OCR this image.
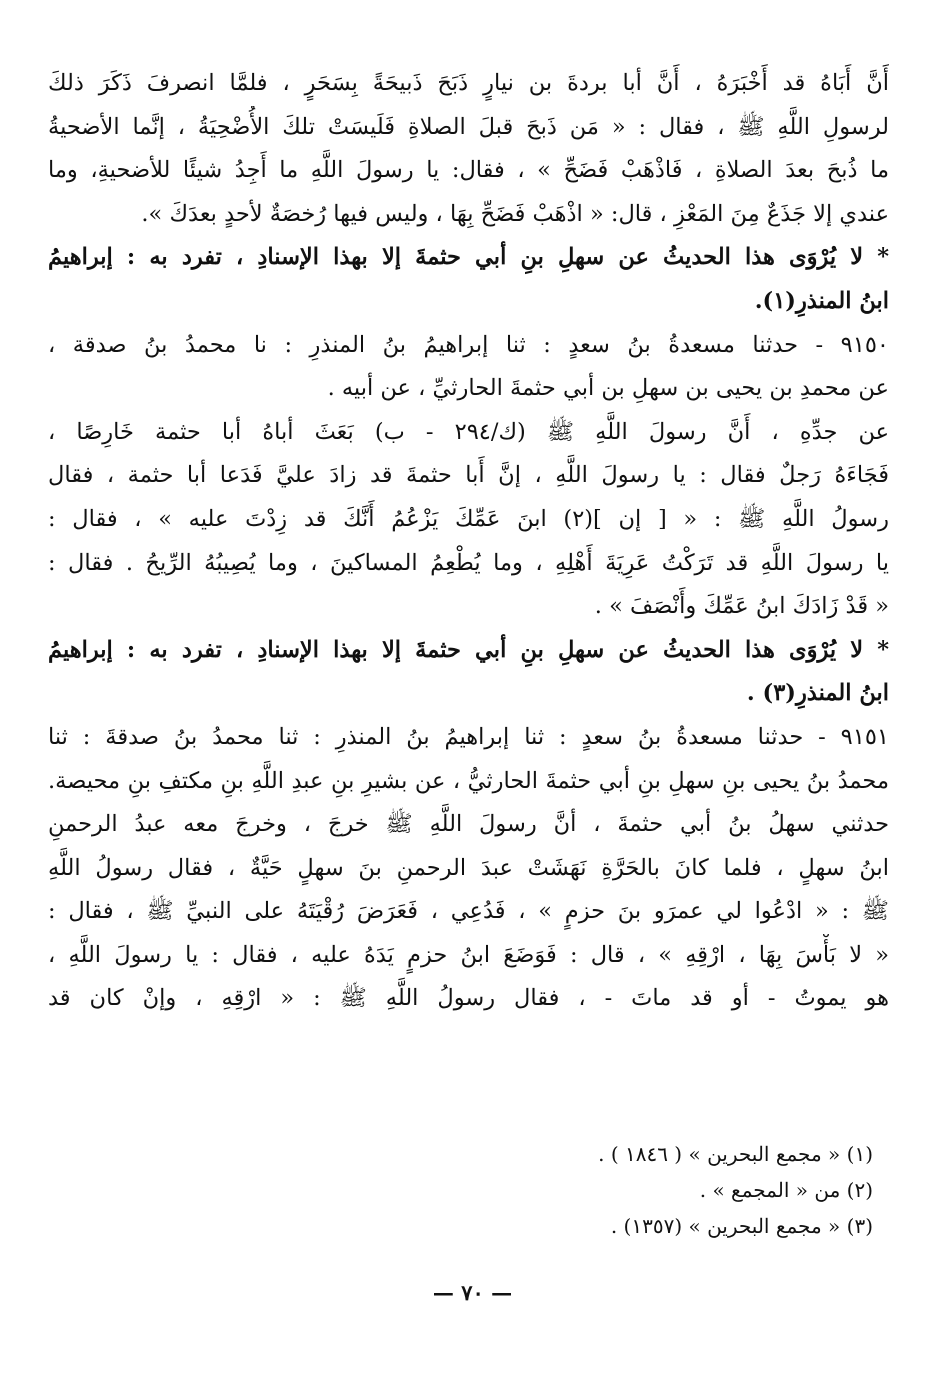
أَنَّ أَبَاهُ قد أَخْبَرَهُ ، أَنَّ أبا بردةَ بن نيارٍ ذَبَحَ ذَبيحَةً بِسَحَرٍ ، فلمَّا انصرفَ ذَكَرَ ذلكَ
لرسولِ اللَّهِ ﷺ ، فقال : « مَن ذَبحَ قبلَ الصلاةِ فَلَيسَتْ تلكَ الأُضْحِيَةُ ، إنَّما الأضحيةُ
ما ذُبحَ بعدَ الصلاةِ ، فَاذْهَبْ فَضَحِّ » ، فقال: يا رسولَ اللَّهِ ما أَجِدُ شيئًا للأضحيةِ، وما
عندي إلا جَذَعٌ مِنَ المَعْزِ ، قال: « اذْهَبْ فَضَحِّ بِهَا ، وليس فيها رُخصَةٌ لأحدٍ بعدَكَ ».
* لا يُرْوَى هذا الحديثُ عن سهلِ بنِ أبي حثمةَ إلا بهذا الإسنادِ ، تفرد به : إبراهيمُ
ابنُ المنذرِ(١).
٩١٥٠ - حدثنا مسعدةُ بنُ سعدٍ : ثنا إبراهيمُ بنُ المنذرِ : نا محمدُ بنُ صدقة ،
عن محمدِ بن يحيى بن سهلِ بن أبي حثمةَ الحارثيِّ ، عن أبيه .
عن جدِّهِ ، أَنَّ رسولَ اللَّهِ ﷺ (ك/٢٩٤ - ب) بَعَثَ أباهُ أبا حثمة خَارِصًا ،
فَجَاءَهُ رَجلٌ فقال : يا رسولَ اللَّهِ ، إنَّ أَبا حثمةَ قد زادَ عليَّ فَدَعا أبا حثمة ، فقال
رسولُ اللَّهِ ﷺ : « [ إن ](٢) ابنَ عَمِّكَ يَزْعُمُ أَنَّكَ قد زِدْتَ عليه » ، فقال :
يا رسولَ اللَّهِ قد تَرَكْتُ عَرِيَةَ أَهْلِهِ ، وما يُطْعِمُ المساكينَ ، وما يُصِيبُهُ الرِّيحُ . فقال :
« قَدْ زَادَكَ ابنُ عَمِّكَ وأَنْصَفَ » .
* لا يُرْوَى هذا الحديثُ عن سهلِ بنِ أبي حثمةَ إلا بهذا الإسنادِ ، تفرد به : إبراهيمُ
ابنُ المنذرِ(٣) .
٩١٥١ - حدثنا مسعدةُ بنُ سعدٍ : ثنا إبراهيمُ بنُ المنذرِ : ثنا محمدُ بنُ صدقةَ : ثنا
محمدُ بنُ يحيى بنِ سهلِ بنِ أبي حثمةَ الحارثيُّ ، عن بشيرِ بنِ عبدِ اللَّهِ بنِ مكتفِ بنِ محيصة.
حدثني سهلُ بنُ أبي حثمةَ ، أنَّ رسولَ اللَّهِ ﷺ خرجَ ، وخرجَ معه عبدُ الرحمنِ
ابنُ سهلٍ ، فلما كانَ بالحَرَّةِ نَهَشَتْ عبدَ الرحمنِ بنَ سهلٍ حَيَّةٌ ، فقال رسولُ اللَّهِ
ﷺ : « ادْعُوا لي عمرَو بنَ حزمٍ » ، فَدُعِي ، فَعَرَضَ رُقْيَتَهُ على النبيِّ ﷺ ، فقال :
« لا بَأْسَ بِهَا ، ارْقِهِ » ، قال : فَوَضَعَ ابنُ حزمٍ يَدَهُ عليه ، فقال : يا رسولَ اللَّهِ ،
هو يموتُ - أو قد ماتَ - ، فقال رسولُ اللَّهِ ﷺ : « ارْقِهِ ، وإنْ كان قد
(١) « مجمع البحرين » ( ١٨٤٦ ) .
(٢) من « المجمع » .
(٣) « مجمع البحرين » (١٣٥٧) .
— ٧٠ —
